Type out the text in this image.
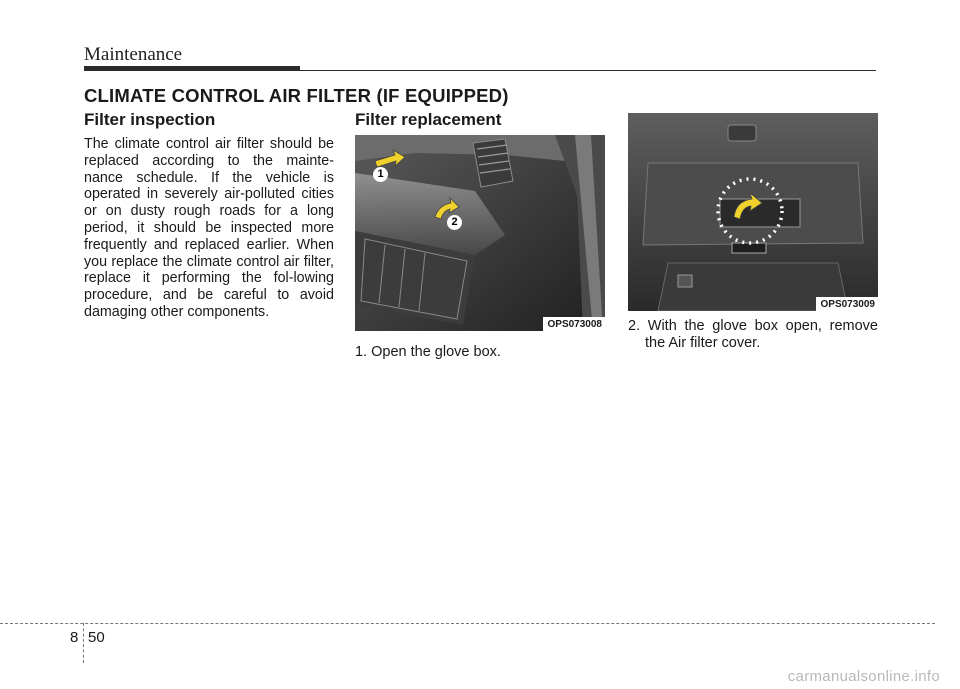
Maintenance
CLIMATE CONTROL AIR FILTER (IF EQUIPPED)
Filter inspection
The climate control air filter should be replaced according to the mainte-nance schedule. If the vehicle is operated in severely air-polluted cities or on dusty rough roads for a long period, it should be inspected more frequently and replaced earlier. When you replace the climate control air filter, replace it performing the fol-lowing procedure, and be careful to avoid damaging other components.
Filter replacement
1
2
OPS073008
1. Open the glove box.
OPS073009
2. With the glove box open, remove the Air filter cover.
8 50
carmanualsonline.info
